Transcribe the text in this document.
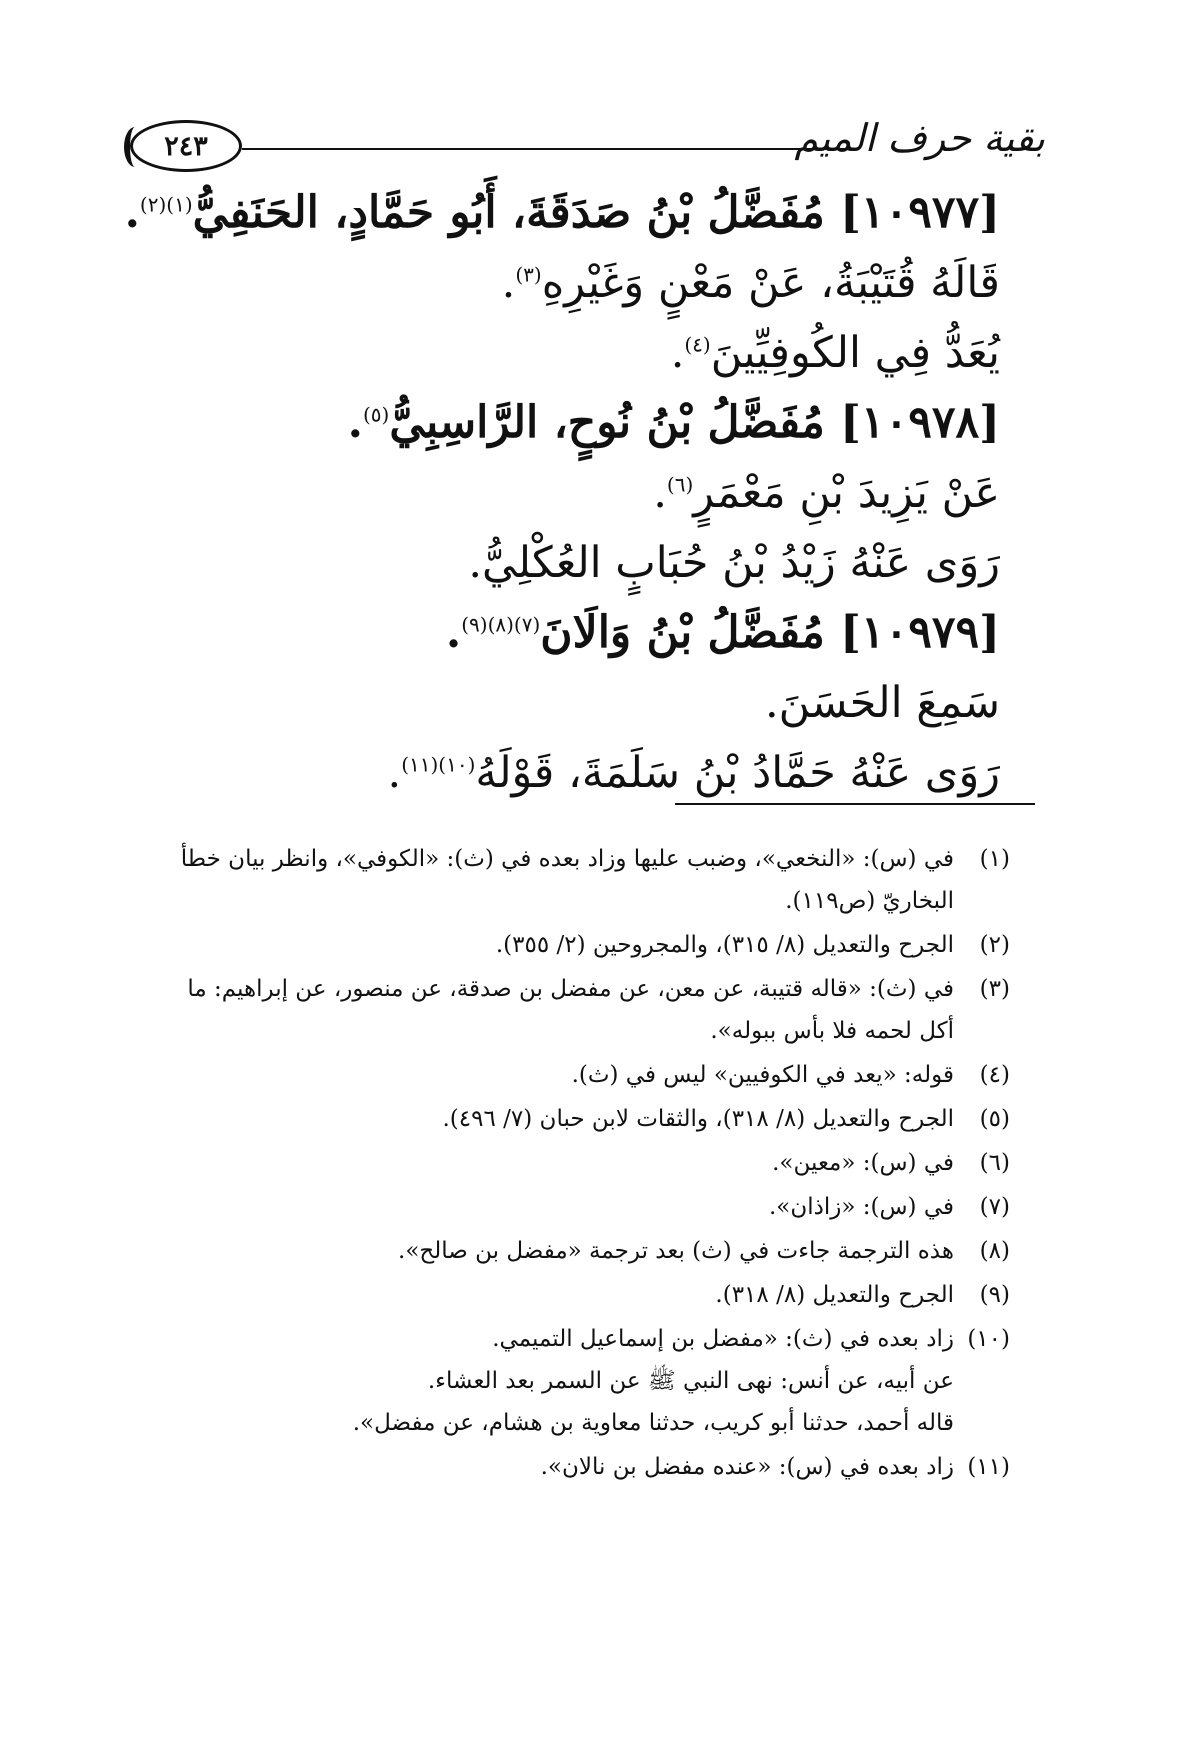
٢٤٣	بقية حرف الميم
[١٠٩٧٧] مُفَضَّلُ بْنُ صَدَقَةَ، أَبُو حَمَّادٍ، الحَنَفِيُّ$^{(١)(٢)}$.
قَالَهُ قُتَيْبَةُ، عَنْ مَعْنٍ وَغَيْرِهِ$^{(٣)}$.
يُعَدُّ فِي الكُوفِيِّينَ$^{(٤)}$.
[١٠٩٧٨] مُفَضَّلُ بْنُ نُوحٍ، الرَّاسِبِيُّ$^{(٥)}$.
عَنْ يَزِيدَ بْنِ مَعْمَرٍ$^{(٦)}$.
رَوَى عَنْهُ زَيْدُ بْنُ حُبَابٍ العُكْلِيُّ.
[١٠٩٧٩] مُفَضَّلُ بْنُ وَالَانَ$^{(٧)(٨)(٩)}$.
سَمِعَ الحَسَنَ.
رَوَى عَنْهُ حَمَّادُ بْنُ سَلَمَةَ، قَوْلَهُ$^{(١٠)(١١)}$.
(١)
في (س): «النخعي»، وضبب عليها وزاد بعده في (ث): «الكوفي»، وانظر بيان خطأ البخاريّ (ص١١٩).
(٢)
الجرح والتعديل (٨/ ٣١٥)، والمجروحين (٢/ ٣٥٥).
(٣)
في (ث): «قاله قتيبة، عن معن، عن مفضل بن صدقة، عن منصور، عن إبراهيم: ما أكل لحمه فلا بأس ببوله».
(٤)
قوله: «يعد في الكوفيين» ليس في (ث).
(٥)
الجرح والتعديل (٨/ ٣١٨)، والثقات لابن حبان (٧/ ٤٩٦).
(٦)
في (س): «معين».
(٧)
في (س): «زاذان».
(٨)
هذه الترجمة جاءت في (ث) بعد ترجمة «مفضل بن صالح».
(٩)
الجرح والتعديل (٨/ ٣١٨).
(١٠)
زاد بعده في (ث): «مفضل بن إسماعيل التميمي.
عن أبيه، عن أنس: نهى النبي ﷺ عن السمر بعد العشاء.
قاله أحمد، حدثنا أبو كريب، حدثنا معاوية بن هشام، عن مفضل».
(١١)
زاد بعده في (س): «عنده مفضل بن نالان».
